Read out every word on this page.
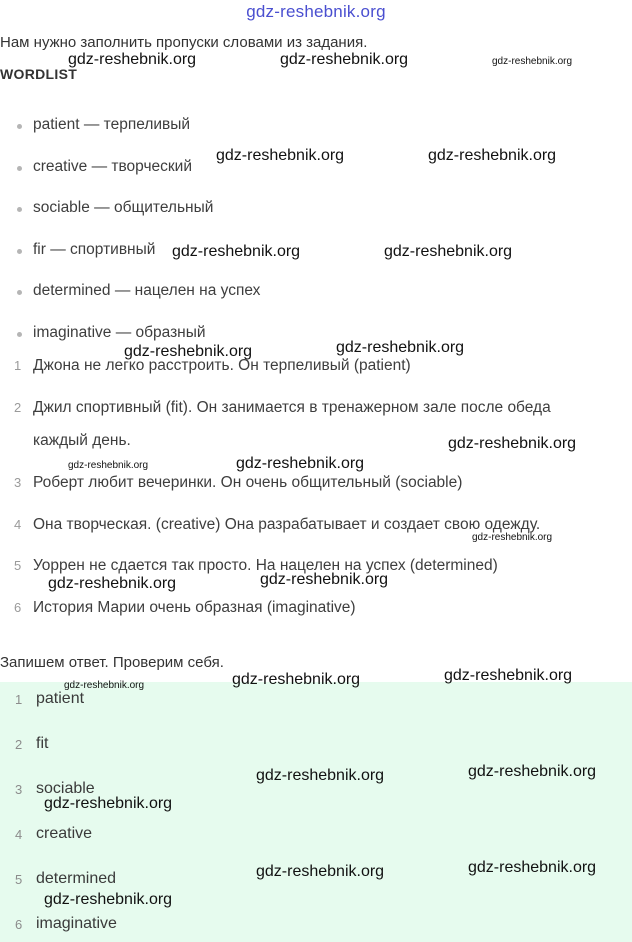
gdz-reshebnik.org
Нам нужно заполнить пропуски словами из задания.
WORDLIST
patient — терпеливый
creative — творческий
sociable — общительный
fir — спортивный
determined — нацелен на успех
imaginative — образный
1 Джона не легко расстроить. Он терпеливый (patient)
2 Джил спортивный (fit). Он занимается в тренажерном зале после обеда
каждый день.
3 Роберт любит вечеринки. Он очень общительный (sociable)
4 Она творческая. (creative) Она разрабатывает и создает свою одежду.
5 Уоррен не сдается так просто. На нацелен на успех (determined)
6 История Марии очень образная (imaginative)
Запишем ответ. Проверим себя.
1 patient
2 fit
3 sociable
4 creative
5 determined
6 imaginative
gdz-reshebnik.org	gdz-reshebnik.org	gdz-reshebnik.org
gdz-reshebnik.org	gdz-reshebnik.org
gdz-reshebnik.org	gdz-reshebnik.org
gdz-reshebnik.org	gdz-reshebnik.org
gdz-reshebnik.org
gdz-reshebnik.org	gdz-reshebnik.org
gdz-reshebnik.org
gdz-reshebnik.org	gdz-reshebnik.org
gdz-reshebnik.org	gdz-reshebnik.org	gdz-reshebnik.org
gdz-reshebnik.org	gdz-reshebnik.org
gdz-reshebnik.org
gdz-reshebnik.org	gdz-reshebnik.org
gdz-reshebnik.org
